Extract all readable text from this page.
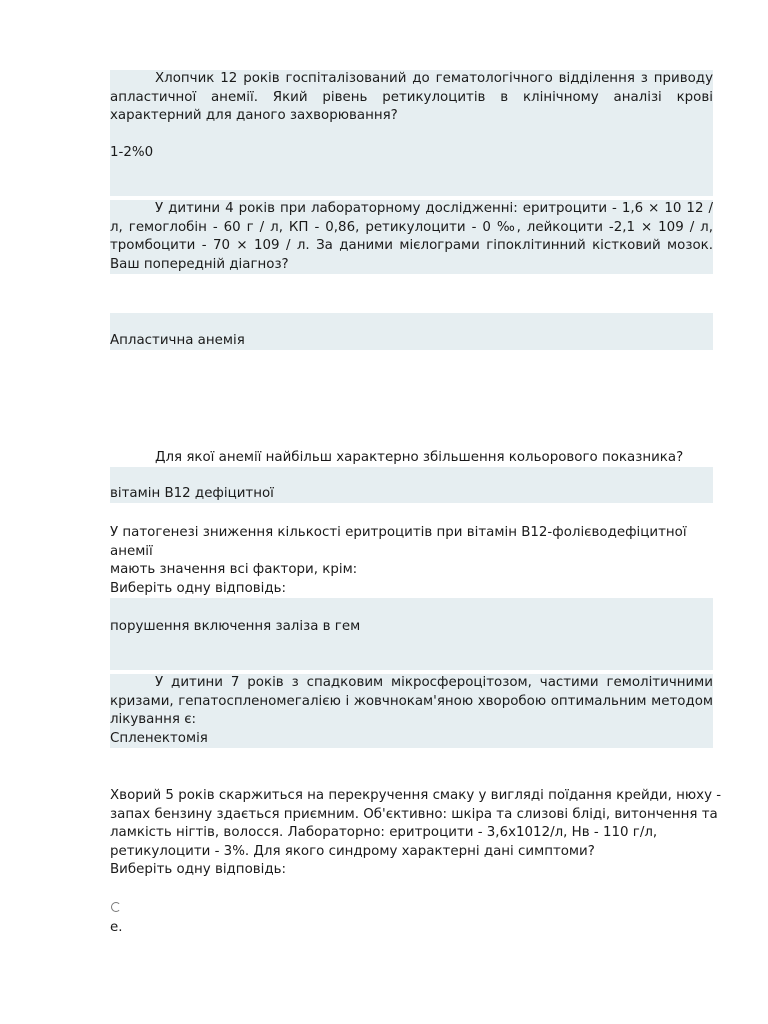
Хлопчик 12 років госпіталізований до гематологічного відділення з приводу апластичної анемії. Який рівень ретикулоцитів в клінічному аналізі крові характерний для даного захворювання?
1-2%0
У дитини 4 років при лабораторному дослідженні: еритроцити - 1,6 × 10 12 / л, гемоглобін - 60 г / л, КП - 0,86, ретикулоцити - 0 ‰, лейкоцити -2,1 × 109 / л, тромбоцити - 70 × 109 / л. За даними мієлограми гіпоклітинний кістковий мозок. Ваш попередній діагноз?
Апластична анемія
Для якої анемії найбільш характерно збільшення кольорового показника?
вітамін В12 дефіцитної
У патогенезі зниження кількості еритроцитів при вітамін В12-фолієводефіцитної анемії
мають значення всі фактори, крім:
Виберіть одну відповідь:
порушення включення заліза в гем
У дитини 7 років з спадковим мікросфероцітозом, частими гемолітичними кризами, гепатоспленомегалією і жовчнокам'яною хворобою оптимальним методом лікування є:
Спленектомія
Хворий 5 років скаржиться на перекручення смаку у вигляді поїдання крейди, нюху -
запах бензину здається приємним. Об'єктивно: шкіра та слизові бліді, витончення та
ламкість нігтів, волосся. Лабораторно: еритроцити - 3,6х1012/л, Нв - 110 г/л,
ретикулоцити - 3%. Для якого синдрому характерні дані симптоми?
Виберіть одну відповідь:
e.
